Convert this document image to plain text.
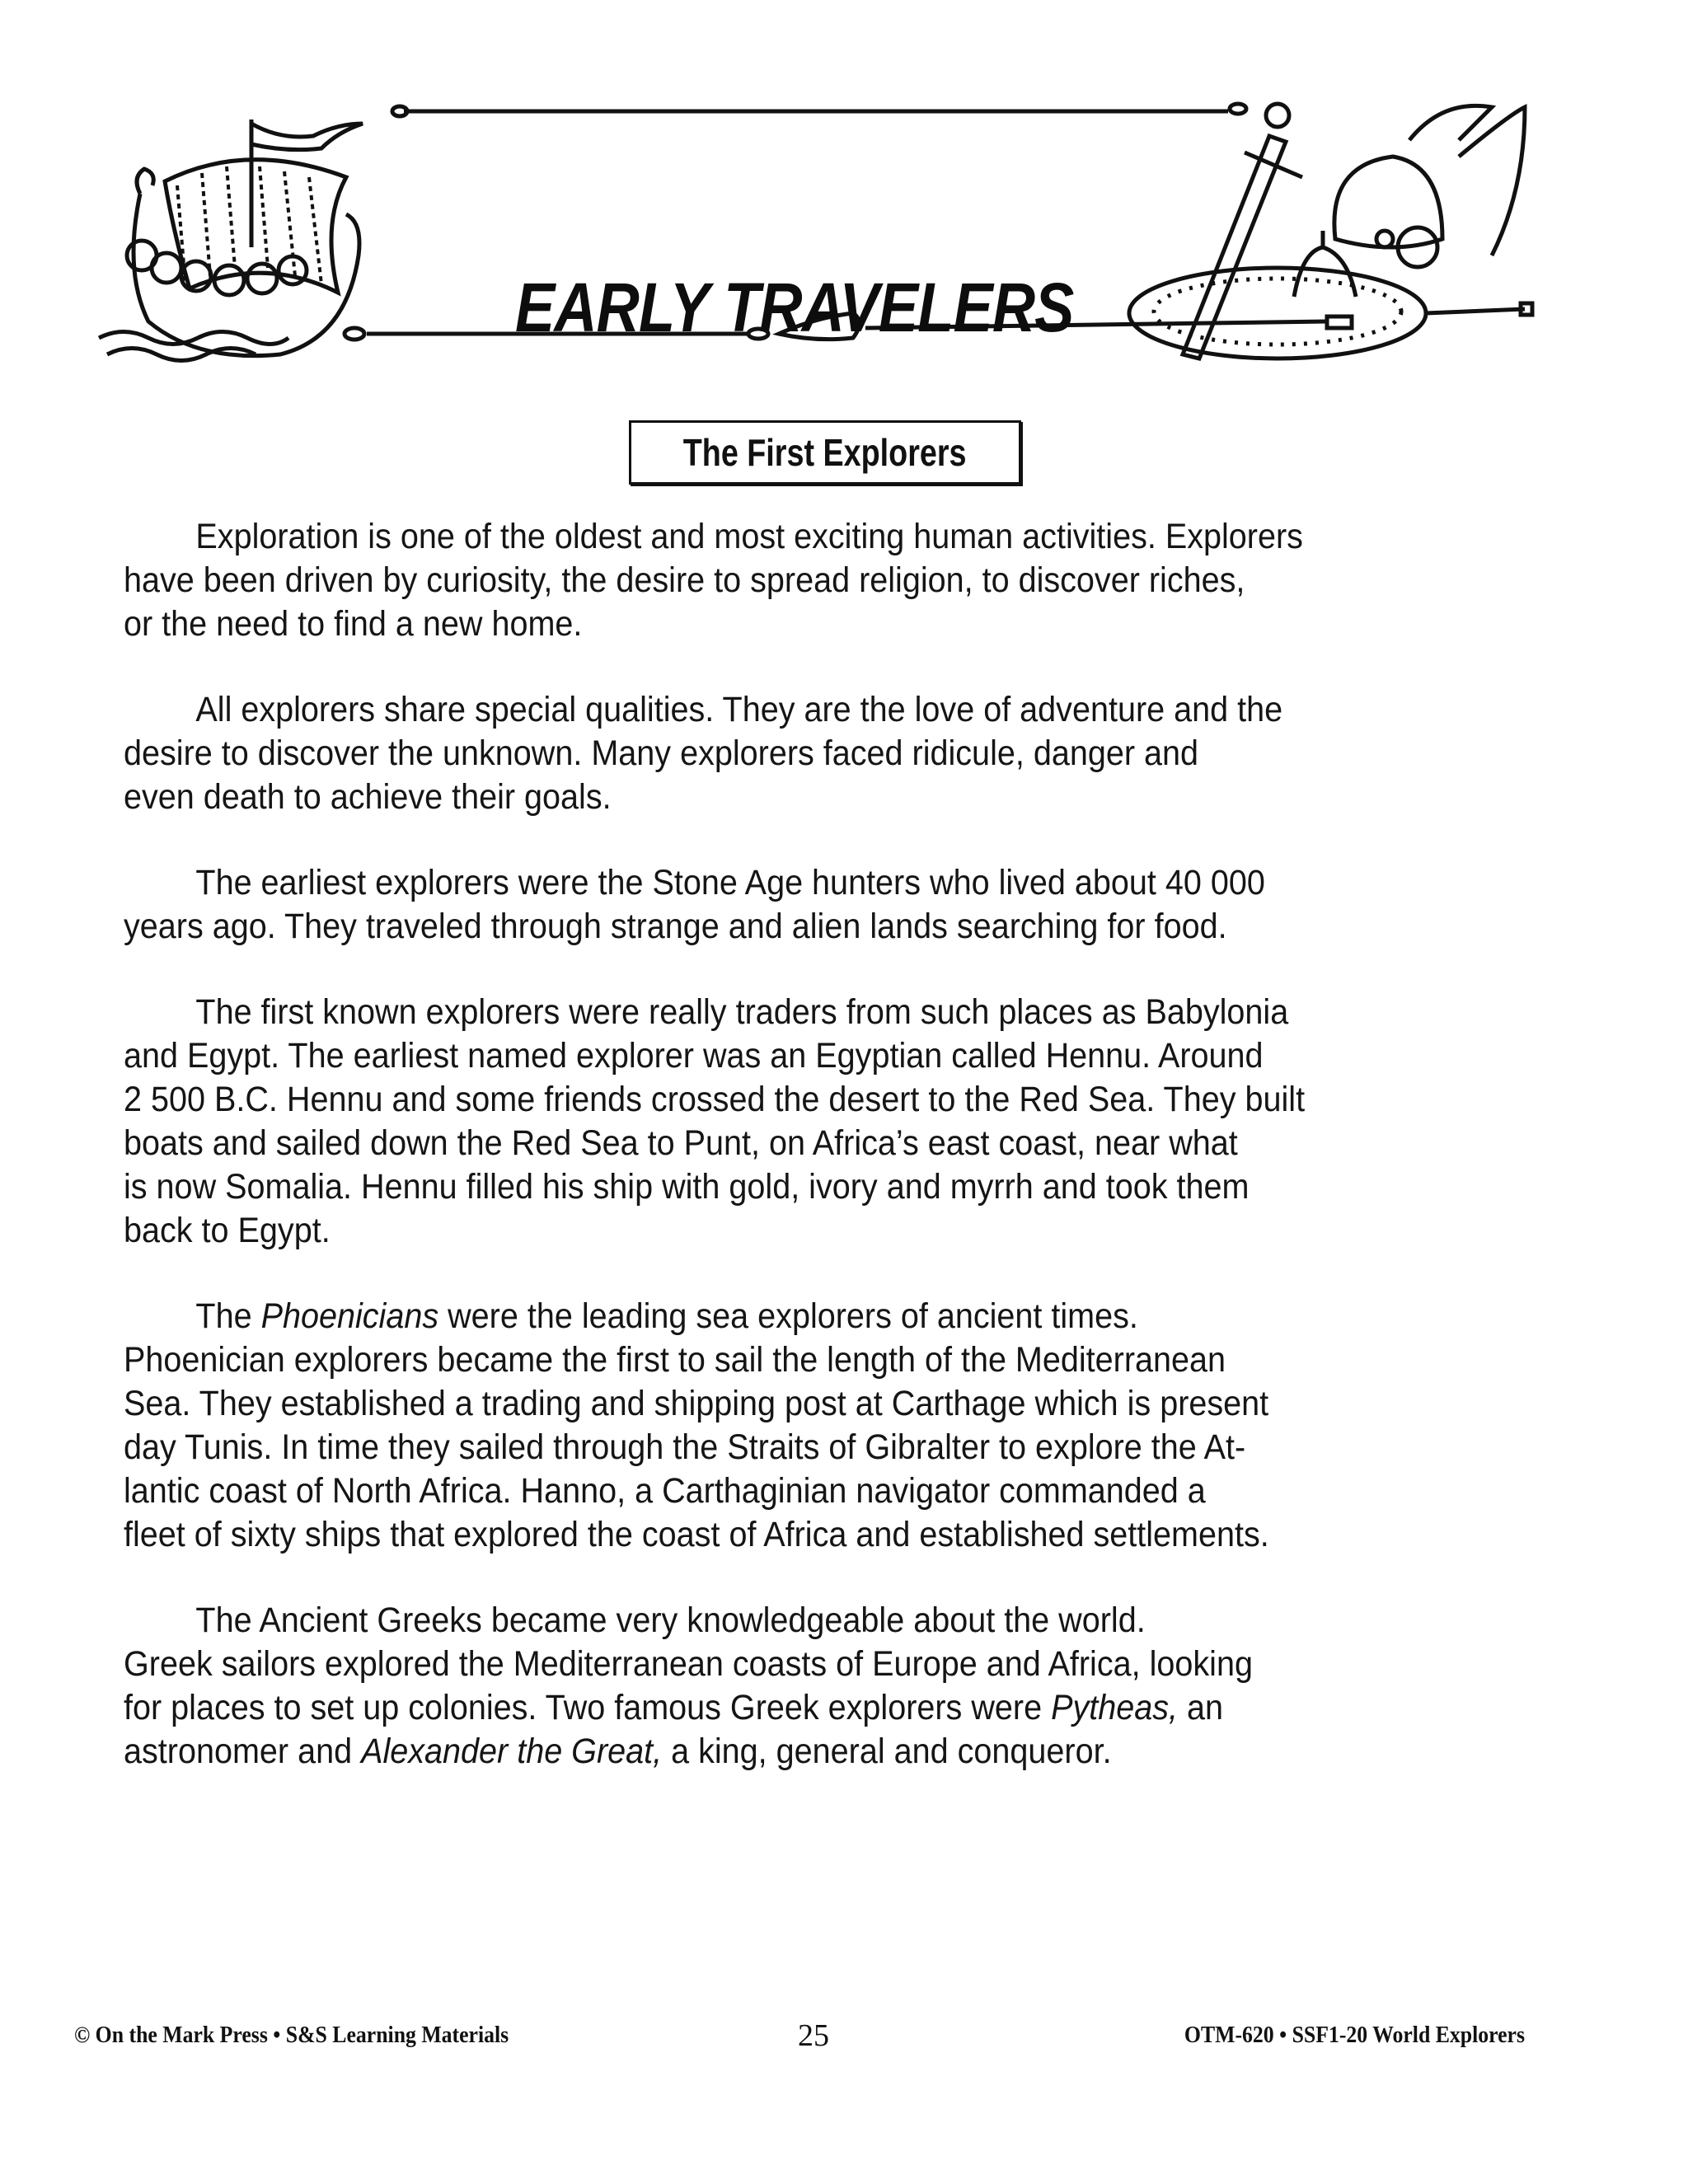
EARLY TRAVELERS
The First Explorers
Exploration is one of the oldest and most exciting human activities. Explorers
have been driven by curiosity, the desire to spread religion, to discover riches,
or the need to find a new home.
All explorers share special qualities. They are the love of adventure and the
desire to discover the unknown. Many explorers faced ridicule, danger and
even death to achieve their goals.
The earliest explorers were the Stone Age hunters who lived about 40 000
years ago. They traveled through strange and alien lands searching for food.
The first known explorers were really traders from such places as Babylonia
and Egypt. The earliest named explorer was an Egyptian called Hennu. Around
2 500 B.C. Hennu and some friends crossed the desert to the Red Sea. They built
boats and sailed down the Red Sea to Punt, on Africa’s east coast, near what
is now Somalia. Hennu filled his ship with gold, ivory and myrrh and took them
back to Egypt.
The Phoenicians were the leading sea explorers of ancient times.
Phoenician explorers became the first to sail the length of the Mediterranean
Sea. They established a trading and shipping post at Carthage which is present
day Tunis. In time they sailed through the Straits of Gibralter to explore the At-
lantic coast of North Africa. Hanno, a Carthaginian navigator commanded a
fleet of sixty ships that explored the coast of Africa and established settlements.
The Ancient Greeks became very knowledgeable about the world.
Greek sailors explored the Mediterranean coasts of Europe and Africa, looking
for places to set up colonies. Two famous Greek explorers were Pytheas, an
astronomer and Alexander the Great, a king, general and conqueror.
© On the Mark Press • S&S Learning Materials	25	OTM-620 • SSF1-20 World Explorers
